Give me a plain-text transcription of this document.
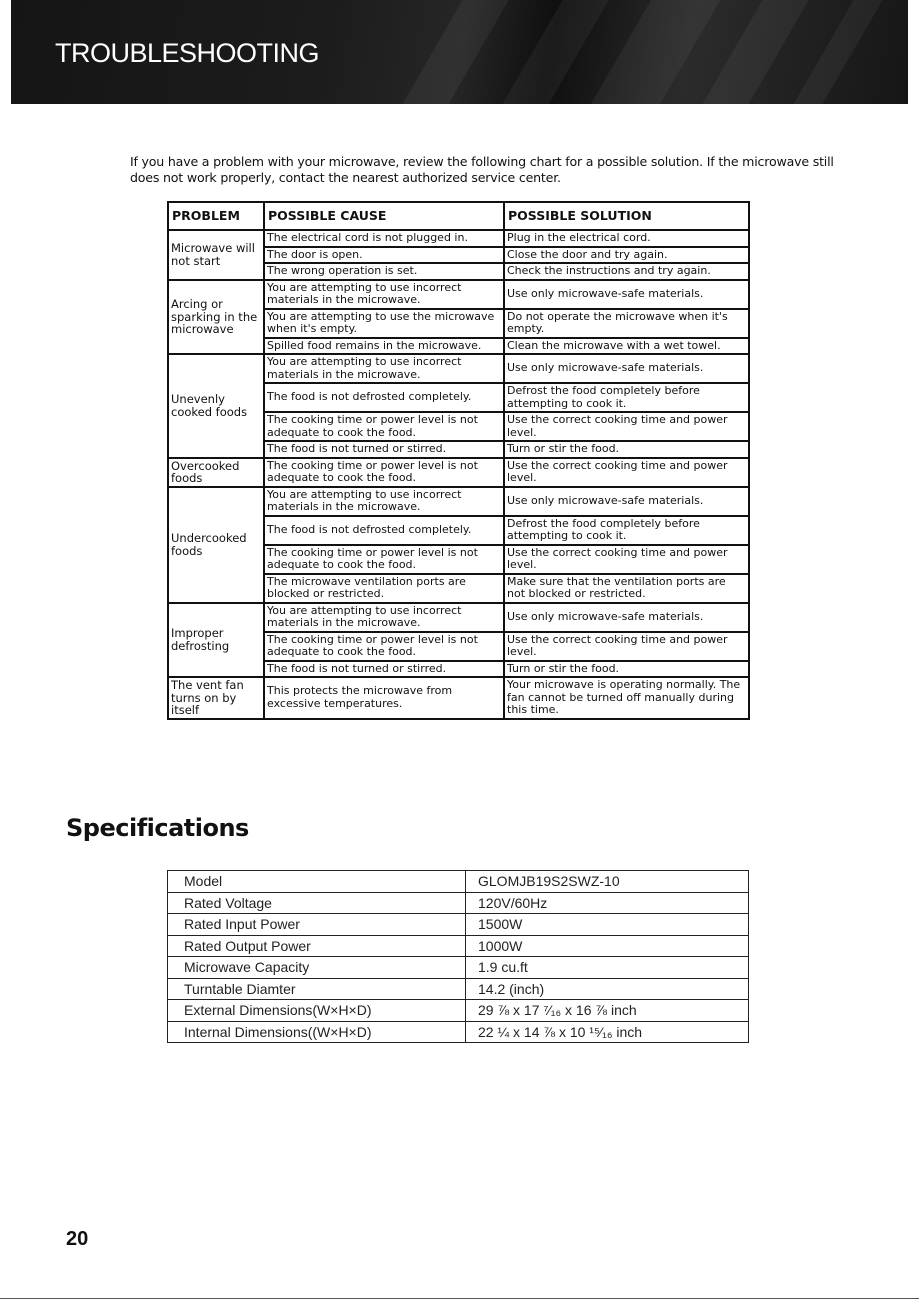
TROUBLESHOOTING
If you have a problem with your microwave, review the following chart for a possible solution. If the microwave still does not work properly, contact the nearest authorized service center.
PROBLEM	POSSIBLE CAUSE	POSSIBLE SOLUTION
Microwave will not start	The electrical cord is not plugged in.	Plug in the electrical cord.
	The door is open.	Close the door and try again.
	The wrong operation is set.	Check the instructions and try again.
Arcing or sparking in the microwave	You are attempting to use incorrect materials in the microwave.	Use only microwave-safe materials.
	You are attempting to use the microwave when it's empty.	Do not operate the microwave when it's empty.
	Spilled food remains in the microwave.	Clean the microwave with a wet towel.
Unevenly cooked foods	You are attempting to use incorrect materials in the microwave.	Use only microwave-safe materials.
	The food is not defrosted completely.	Defrost the food completely before attempting to cook it.
	The cooking time or power level is not adequate to cook the food.	Use the correct cooking time and power level.
	The food is not turned or stirred.	Turn or stir the food.
Overcooked foods	The cooking time or power level is not adequate to cook the food.	Use the correct cooking time and power level.
Undercooked foods	You are attempting to use incorrect materials in the microwave.	Use only microwave-safe materials.
	The food is not defrosted completely.	Defrost the food completely before attempting to cook it.
	The cooking time or power level is not adequate to cook the food.	Use the correct cooking time and power level.
	The microwave ventilation ports are blocked or restricted.	Make sure that the ventilation ports are not blocked or restricted.
Improper defrosting	You are attempting to use incorrect materials in the microwave.	Use only microwave-safe materials.
	The cooking time or power level is not adequate to cook the food.	Use the correct cooking time and power level.
	The food is not turned or stirred.	Turn or stir the food.
The vent fan turns on by itself	This protects the microwave from excessive temperatures.	Your microwave is operating normally. The fan cannot be turned off manually during this time.
Specifications
Model	GLOMJB19S2SWZ-10
Rated Voltage	120V/60Hz
Rated Input Power	1500W
Rated Output Power	1000W
Microwave Capacity	1.9 cu.ft
Turntable Diamter	14.2 (inch)
External Dimensions(W×H×D)	29 ⅞ x 17 ⁷⁄₁₆ x 16 ⅞ inch
Internal Dimensions((W×H×D)	22 ¼ x 14 ⅞ x 10 ¹⁵⁄₁₆ inch
20
